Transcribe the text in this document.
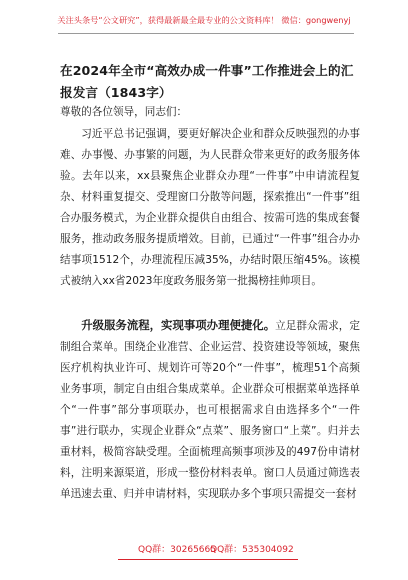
关注头条号“公文研究”，获得最新最全最专业的公文资料库！ 微信：gongwenyj
在2024年全市“高效办成一件事”工作推进会上的汇报发言（1843字）
尊敬的各位领导，同志们：

习近平总书记强调，要更好解决企业和群众反映强烈的办事难、办事慢、办事繁的问题，为人民群众带来更好的政务服务体验。去年以来，xx县聚焦企业群众办理“一件事”中申请流程复杂、材料重复提交、受理窗口分散等问题，探索推出“一件事”组合办服务模式，为企业群众提供自由组合、按需可选的集成套餐服务，推动政务服务提质增效。目前，已通过“一件事”组合办办结事项1512个，办理流程压减35%，办结时限压缩45%。该模式被纳入xx省2023年度政务服务第一批揭榜挂帅项目。

升级服务流程，实现事项办理便捷化。立足群众需求，定制组合菜单。围绕企业准营、企业运营、投资建设等领域，聚焦医疗机构执业许可、规划许可等20个“一件事”，梳理51个高频业务事项，制定自由组合集成菜单。企业群众可根据菜单选择单个“一件事”部分事项联办，也可根据需求自由选择多个“一件事”进行联办，实现企业群众“点菜”、服务窗口“上菜”。归并去重材料，极简容缺受理。全面梳理高频事项涉及的497份申请材料，注明来源渠道，形成一整份材料表单。窗口人员通过筛选表单迅速去重、归并申请材料，实现联办多个事项只需提交一套材

QQ群：30265665
QQ群：535304092
